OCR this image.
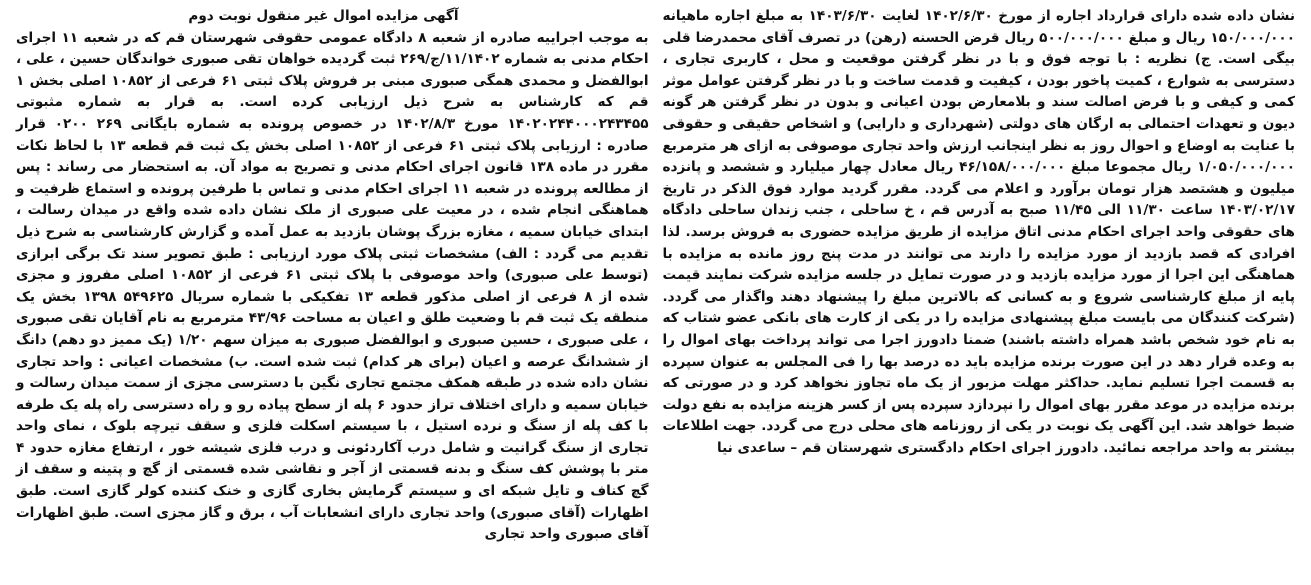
آگهی مزایده اموال غیر منقول نوبت دوم

به موجب اجراییه صادره از شعبه ۸ دادگاه عمومی حقوقی شهرستان قم که در شعبه ۱۱ اجرای احکام مدنی به شماره ۱۱/۱۴۰۲/ج/۲۶۹ ثبت گردیده خواهان تقی صبوری خواندگان حسین ، علی ، ابوالفضل و محمدی همگی صبوری مبنی بر فروش پلاک ثبتی ۶۱ فرعی از ۱۰۸۵۲ اصلی بخش ۱ قم که کارشناس به شرح ذیل ارزیابی کرده است. به قرار به شماره مثبوتی ۱۴۰۲۰۲۴۴۰۰۰۲۴۳۴۵۵ مورخ ۱۴۰۲/۸/۳ در خصوص پرونده به شماره بایگانی ۲۶۹ ۰۲۰۰ قرار صادره : ارزیابی پلاک ثبتی ۶۱ فرعی از ۱۰۸۵۲ اصلی بخش یک ثبت قم قطعه ۱۳ با لحاظ نکات مقرر در ماده ۱۳۸ قانون اجرای احکام مدنی و تصریح به مواد آن. به استحضار می رساند : پس از مطالعه پرونده در شعبه ۱۱ اجرای احکام مدنی و تماس با طرفین پرونده و استماع ظرفیت و هماهنگی انجام شده ، در معیت علی صبوری از ملک نشان داده شده واقع در میدان رسالت ، ابتدای خیابان سمیه ، مغازه بزرگ پوشان بازدید به عمل آمده و گزارش کارشناسی به شرح ذیل تقدیم می گردد : الف) مشخصات ثبتی پلاک مورد ارزیابی : طبق تصویر سند تک برگی ابرازی (توسط علی صبوری) واحد موصوفی با پلاک ثبتی ۶۱ فرعی از ۱۰۸۵۲ اصلی مفروز و مجزی شده از ۸ فرعی از اصلی مذکور قطعه ۱۳ تفکیکی با شماره سریال ۵۴۹۶۲۵ ۱۳۹۸ بخش یک منطقه یک ثبت قم با وضعیت طلق و اعیان به مساحت ۴۳/۹۶ مترمربع به نام آقایان تقی صبوری ، علی صبوری ، حسین صبوری و ابوالفضل صبوری به میزان سهم ۱/۲۰ (یک ممیز دو دهم) دانگ از ششدانگ عرصه و اعیان (برای هر کدام) ثبت شده است. ب) مشخصات اعیانی : واحد تجاری نشان داده شده در طبقه همکف مجتمع تجاری نگین با دسترسی مجزی از سمت میدان رسالت و خیابان سمیه و دارای اختلاف تراز حدود ۶ پله از سطح پیاده رو و راه دسترسی راه پله یک طرفه با کف پله از سنگ و نرده استیل ، با سیستم اسکلت فلزی و سقف تیرچه بلوک ، نمای واحد تجاری از سنگ گرانیت و شامل درب آکاردئونی و درب فلزی شیشه خور ، ارتفاع مغازه حدود ۴ متر با پوشش کف سنگ و بدنه قسمتی از آجر و نقاشی شده قسمتی از گچ و پتینه و سقف از گچ کناف و تایل شبکه ای و سیستم گرمایش بخاری گازی و خنک کننده کولر گازی است. طبق اظهارات (آقای صبوری) واحد تجاری دارای انشعابات آب ، برق و گاز مجزی است. طبق اظهارات آقای صبوری واحد تجاری

نشان داده شده دارای قرارداد اجاره از مورخ ۱۴۰۲/۶/۳۰ لغایت ۱۴۰۳/۶/۳۰ به مبلغ اجاره ماهیانه ۱۵۰/۰۰۰/۰۰۰ ریال و مبلغ ۵۰۰/۰۰۰/۰۰۰ ریال قرض الحسنه (رهن) در تصرف آقای محمدرضا قلی بیگی است. ج) نظریه : با توجه فوق و با در نظر گرفتن موقعیت و محل ، کاربری تجاری ، دسترسی به شوارع ، کمیت پاخور بودن ، کیفیت و قدمت ساخت و با در نظر گرفتن عوامل موثر کمی و کیفی و با فرض اصالت سند و بلامعارض بودن اعیانی و بدون در نظر گرفتن هر گونه دیون و تعهدات احتمالی به ارگان های دولتی (شهرداری و دارایی) و اشخاص حقیقی و حقوقی با عنایت به اوضاع و احوال روز به نظر اینجانب ارزش واحد تجاری موصوفی به ازای هر مترمربع ۱/۰۵۰/۰۰۰/۰۰۰ ریال مجموعا مبلغ ۴۶/۱۵۸/۰۰۰/۰۰۰ ریال معادل چهار میلیارد و ششصد و پانزده میلیون و هشتصد هزار تومان برآورد و اعلام می گردد. مقرر گردید موارد فوق الذکر در تاریخ ۱۴۰۳/۰۲/۱۷ ساعت ۱۱/۳۰ الی ۱۱/۴۵ صبح به آدرس قم ، خ ساحلی ، جنب زندان ساحلی دادگاه های حقوقی واحد اجرای احکام مدنی اتاق مزایده از طریق مزایده حضوری به فروش برسد. لذا افرادی که قصد بازدید از مورد مزایده را دارند می توانند در مدت پنج روز مانده به مزایده با هماهنگی این اجرا از مورد مزایده بازدید و در صورت تمایل در جلسه مزایده شرکت نمایند قیمت پایه از مبلغ کارشناسی شروع و به کسانی که بالاترین مبلغ را پیشنهاد دهند واگذار می گردد. (شرکت کنندگان می بایست مبلغ پیشنهادی مزایده را در یکی از کارت های بانکی عضو شتاب که به نام خود شخص باشد همراه داشته باشند) ضمنا دادورز اجرا می تواند پرداخت بهای اموال را به وعده قرار دهد در این صورت برنده مزایده باید ده درصد بها را فی المجلس به عنوان سپرده به قسمت اجرا تسلیم نماید. حداکثر مهلت مزبور از یک ماه تجاوز نخواهد کرد و در صورتی که برنده مزایده در موعد مقرر بهای اموال را نپردازد سپرده پس از کسر هزینه مزایده به نفع دولت ضبط خواهد شد. این آگهی یک نوبت در یکی از روزنامه های محلی درج می گردد. جهت اطلاعات بیشتر به واحد مراجعه نمائید. دادورز اجرای احکام دادگستری شهرستان قم – ساعدی نیا
